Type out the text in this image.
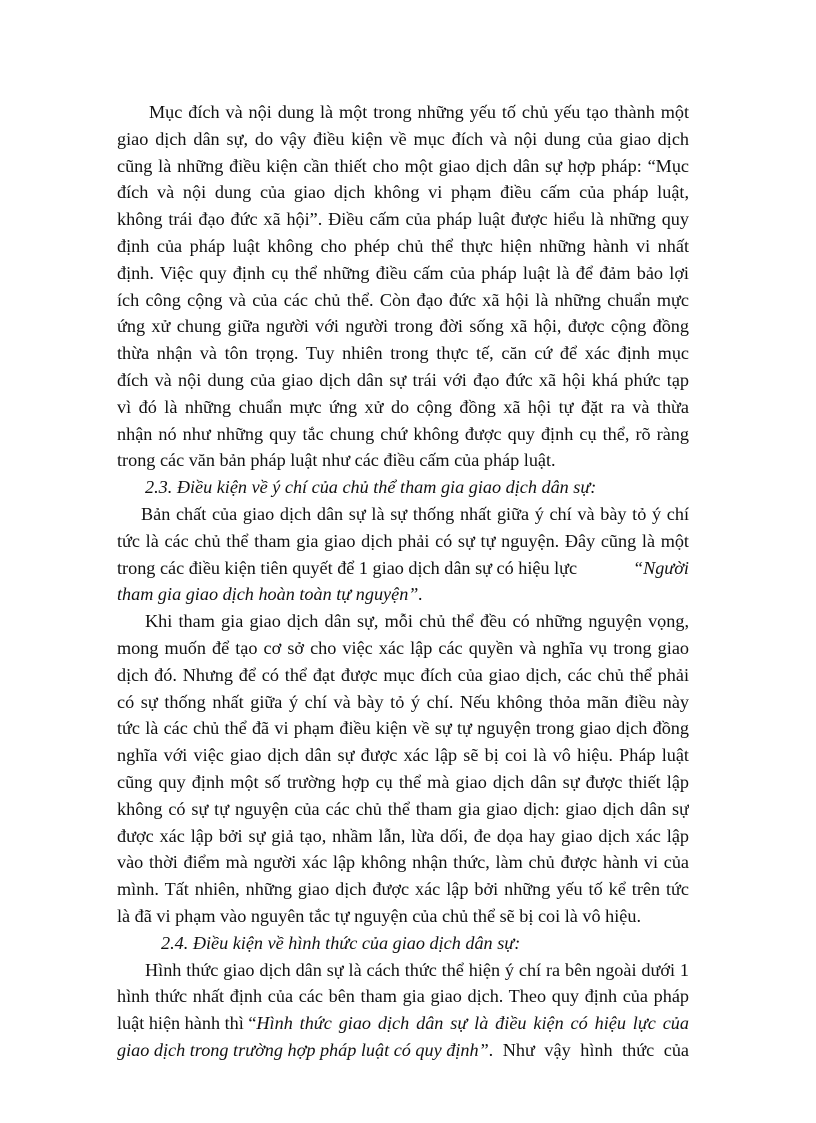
Mục đích và nội dung là một trong những yếu tố chủ yếu tạo thành một
giao dịch dân sự, do vậy điều kiện về mục đích và nội dung của giao dịch
cũng là những điều kiện cần thiết cho một giao dịch dân sự hợp pháp: “Mục
đích và nội dung của giao dịch không vi phạm điều cấm của pháp luật,
không trái đạo đức xã hội”. Điều cấm của pháp luật được hiểu là những quy
định của pháp luật không cho phép chủ thể thực hiện những hành vi nhất
định. Việc quy định cụ thể những điều cấm của pháp luật là để đảm bảo lợi
ích công cộng và của các chủ thể. Còn đạo đức xã hội là những chuẩn mực
ứng xử chung giữa người với người trong đời sống xã hội, được cộng đồng
thừa nhận và tôn trọng. Tuy nhiên trong thực tế, căn cứ để xác định mục
đích và nội dung của giao dịch dân sự trái với đạo đức xã hội khá phức tạp
vì đó là những chuẩn mực ứng xử do cộng đồng xã hội tự đặt ra và thừa
nhận nó như những quy tắc chung chứ không được quy định cụ thể, rõ ràng
trong các văn bản pháp luật như các điều cấm của pháp luật.
2.3. Điều kiện về ý chí của chủ thể tham gia giao dịch dân sự:
Bản chất của giao dịch dân sự là sự thống nhất giữa ý chí và bày tỏ ý chí
tức là các chủ thể tham gia giao dịch phải có sự tự nguyện. Đây cũng là một
trong các điều kiện tiên quyết để 1 giao dịch dân sự có hiệu lực	“Người
tham gia giao dịch hoàn toàn tự nguyện”.
Khi tham gia giao dịch dân sự, mỗi chủ thể đều có những nguyện vọng,
mong muốn để tạo cơ sở cho việc xác lập các quyền và nghĩa vụ trong giao
dịch đó. Nhưng để có thể đạt được mục đích của giao dịch, các chủ thể phải
có sự thống nhất giữa ý chí và bày tỏ ý chí. Nếu không thỏa mãn điều này
tức là các chủ thể đã vi phạm điều kiện về sự tự nguyện trong giao dịch đồng
nghĩa với việc giao dịch dân sự được xác lập sẽ bị coi là vô hiệu. Pháp luật
cũng quy định một số trường hợp cụ thể mà giao dịch dân sự được thiết lập
không có sự tự nguyện của các chủ thể tham gia giao dịch: giao dịch dân sự
được xác lập bởi sự giả tạo, nhầm lẫn, lừa dối, đe dọa hay giao dịch xác lập
vào thời điểm mà người xác lập không nhận thức, làm chủ được hành vi của
mình. Tất nhiên, những giao dịch được xác lập bởi những yếu tố kể trên tức
là đã vi phạm vào nguyên tắc tự nguyện của chủ thể sẽ bị coi là vô hiệu.
2.4. Điều kiện về hình thức của giao dịch dân sự:
Hình thức giao dịch dân sự là cách thức thể hiện ý chí ra bên ngoài dưới 1
hình thức nhất định của các bên tham gia giao dịch. Theo quy định của pháp
luật hiện hành thì “ Hình thức giao dịch dân sự là điều kiện có hiệu lực của
giao dịch trong trường hợp pháp luật có quy định ”. Như vậy hình thức của
